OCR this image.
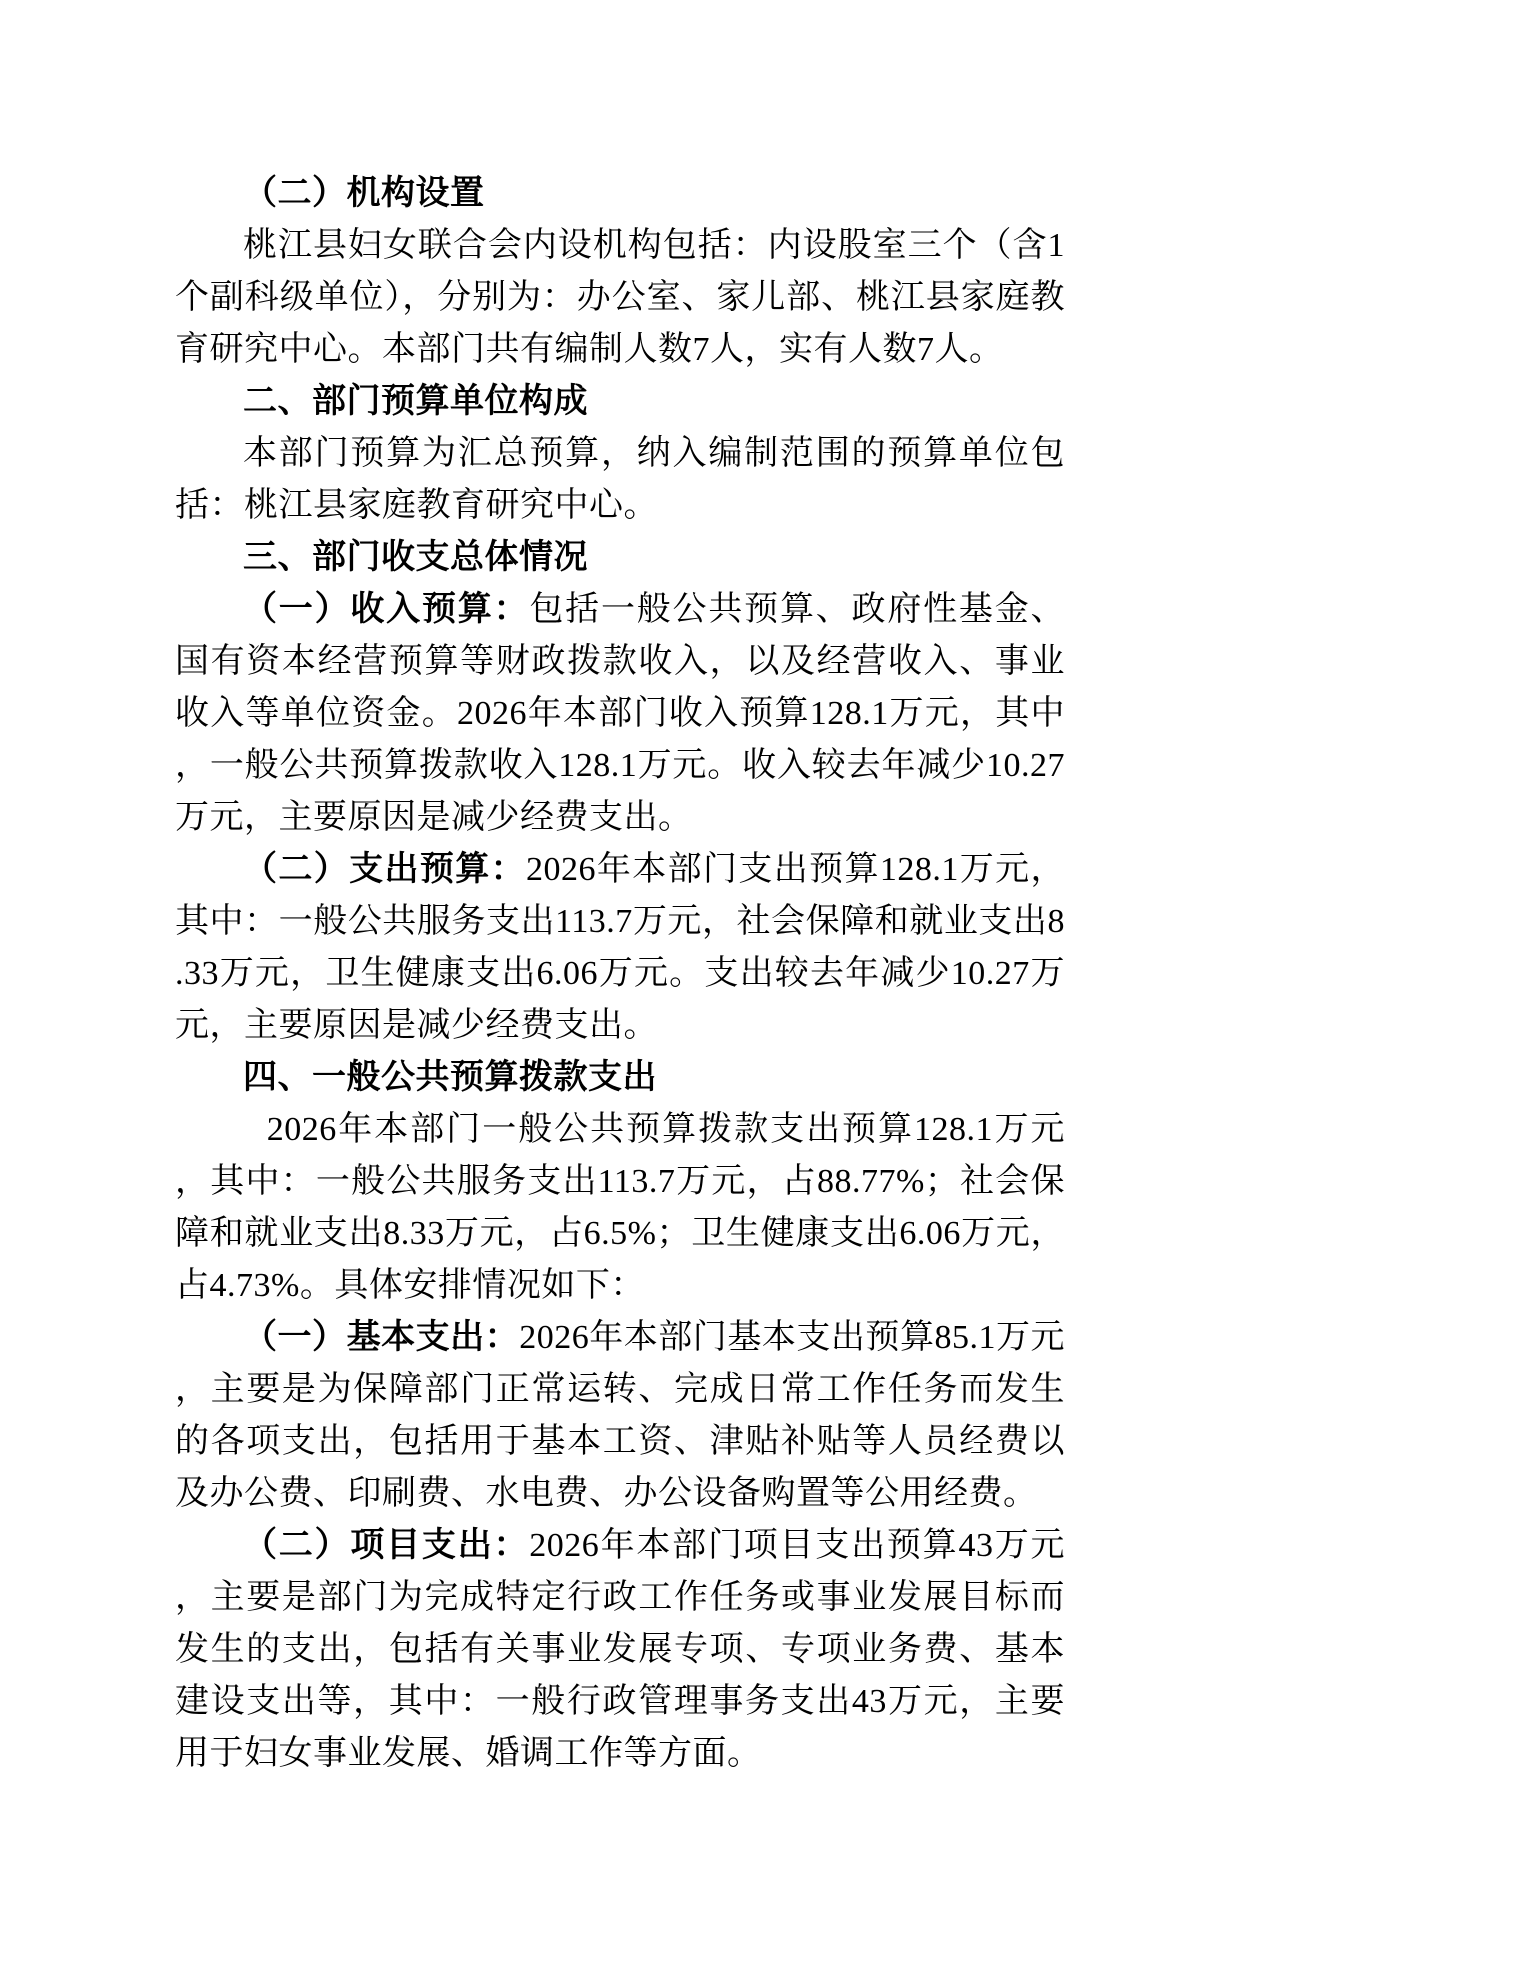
（二）机构设置

桃江县妇女联合会内设机构包括：内设股室三个（含1个副科级单位），分别为：办公室、家儿部、桃江县家庭教育研究中心。本部门共有编制人数7人，实有人数7人。

二、部门预算单位构成

本部门预算为汇总预算，纳入编制范围的预算单位包括：桃江县家庭教育研究中心。

三、部门收支总体情况

（一）收入预算：包括一般公共预算、政府性基金、国有资本经营预算等财政拨款收入，以及经营收入、事业收入等单位资金。2026年本部门收入预算128.1万元，其中，一般公共预算拨款收入128.1万元。收入较去年减少10.27万元，主要原因是减少经费支出。

（二）支出预算：2026年本部门支出预算128.1万元，其中：一般公共服务支出113.7万元，社会保障和就业支出8.33万元，卫生健康支出6.06万元。支出较去年减少10.27万元，主要原因是减少经费支出。

四、一般公共预算拨款支出

2026年本部门一般公共预算拨款支出预算128.1万元，其中：一般公共服务支出113.7万元，占88.77%；社会保障和就业支出8.33万元，占6.5%；卫生健康支出6.06万元，占4.73%。具体安排情况如下：

（一）基本支出：2026年本部门基本支出预算85.1万元，主要是为保障部门正常运转、完成日常工作任务而发生的各项支出，包括用于基本工资、津贴补贴等人员经费以及办公费、印刷费、水电费、办公设备购置等公用经费。

（二）项目支出：2026年本部门项目支出预算43万元，主要是部门为完成特定行政工作任务或事业发展目标而发生的支出，包括有关事业发展专项、专项业务费、基本建设支出等，其中：一般行政管理事务支出43万元，主要用于妇女事业发展、婚调工作等方面。
